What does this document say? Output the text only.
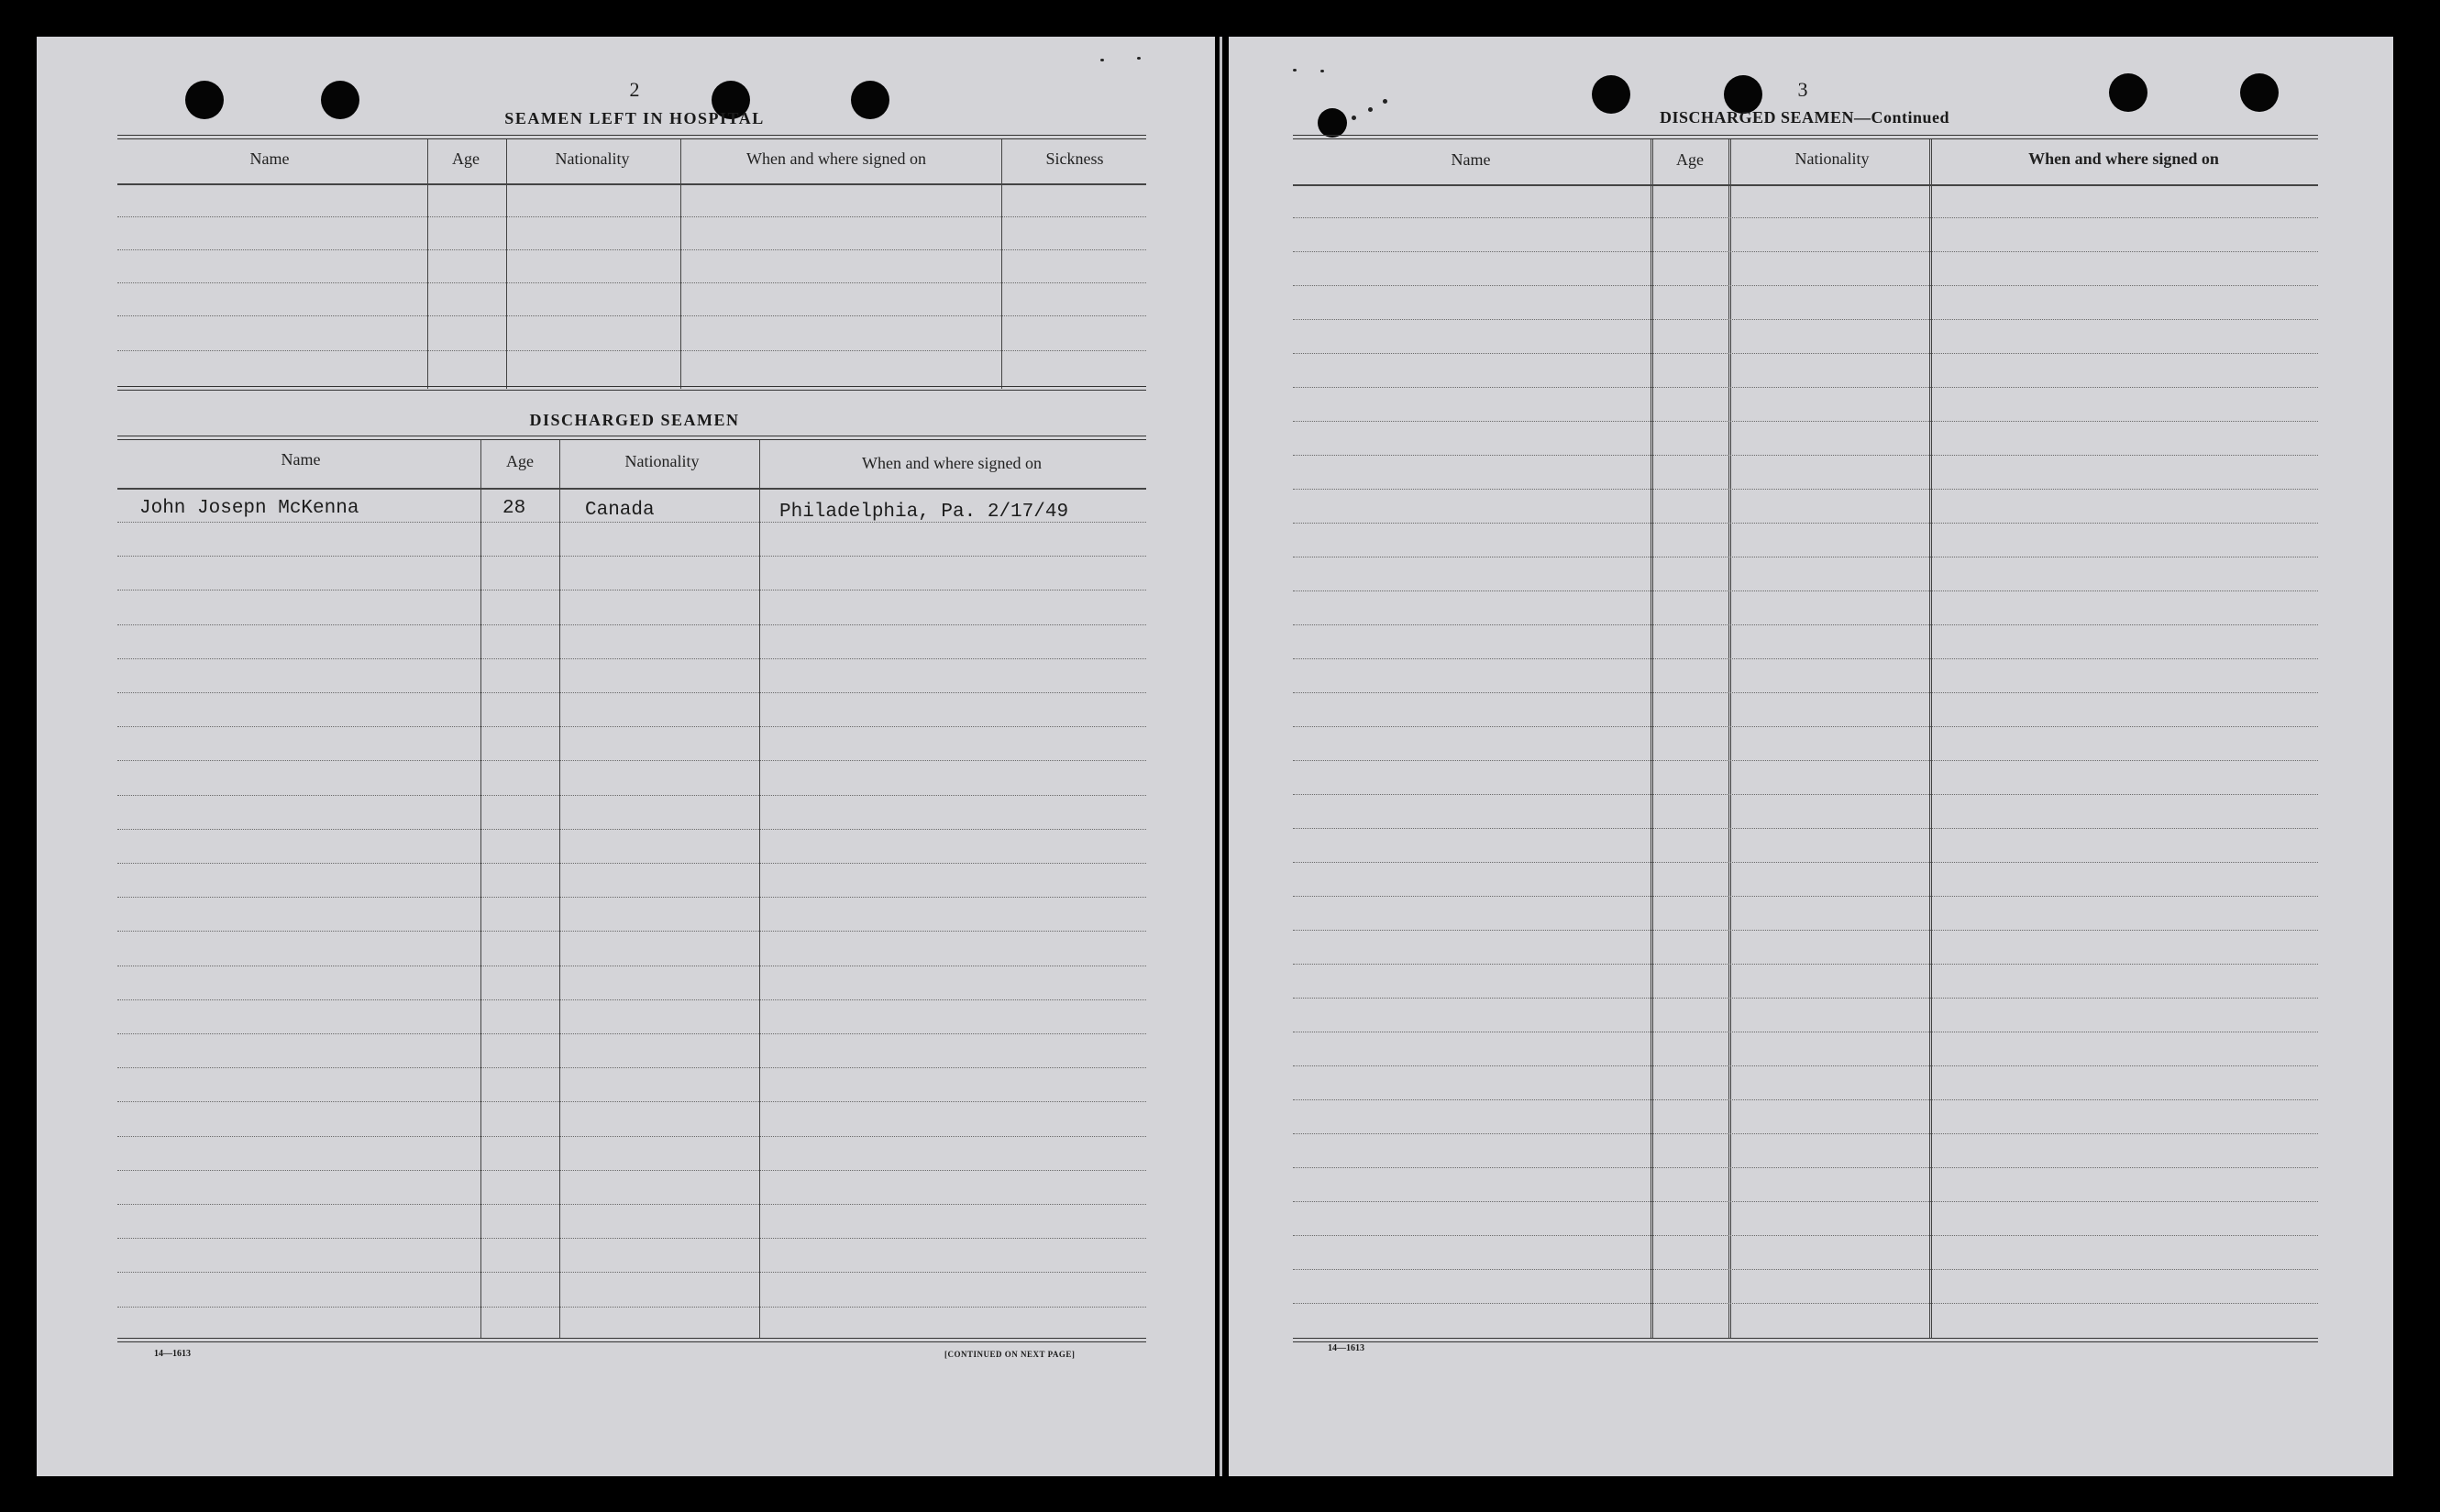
2
SEAMEN LEFT IN HOSPITAL
Name	Age	Nationality	When and where signed on	Sickness
DISCHARGED SEAMEN
Name	Age	Nationality	When and where signed on
John Josepn McKenna	28	Canada	Philadelphia, Pa. 2/17/49
14—1613	[CONTINUED ON NEXT PAGE]
3
DISCHARGED SEAMEN—Continued
Name	Age	Nationality	When and where signed on
14—1613
